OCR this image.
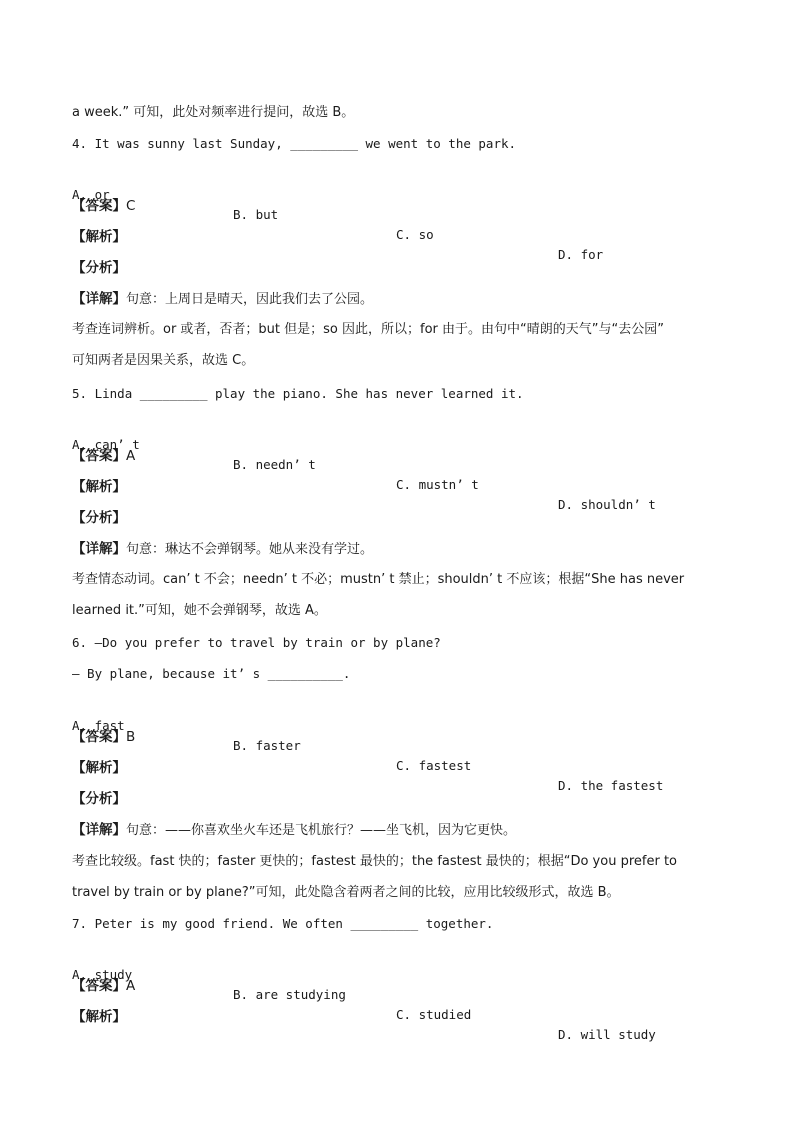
a week.” 可知，此处对频率进行提问，故选 B。
4. It was sunny last Sunday, _________ we went to the park.

A. or

B. but

C. so

D. for

【答案】C
【解析】
【分析】
【详解】句意：上周日是晴天，因此我们去了公园。
考查连词辨析。or 或者，否者；but 但是；so 因此，所以；for 由于。由句中“晴朗的天气”与“去公园”
可知两者是因果关系，故选 C。
5. Linda _________ play the piano. She has never learned it.

A. can’ t

B. needn’ t

C. mustn’ t

D. shouldn’ t

【答案】A
【解析】
【分析】
【详解】句意：琳达不会弹钢琴。她从来没有学过。
考查情态动词。can’ t 不会；needn’ t 不必；mustn’ t 禁止；shouldn’ t 不应该；根据“She has never
learned it.”可知，她不会弹钢琴，故选 A。
6. —Do you prefer to travel by train or by plane?
— By plane, because it’ s __________.

A. fast

B. faster

C. fastest

D. the fastest

【答案】B
【解析】
【分析】
【详解】句意：——你喜欢坐火车还是飞机旅行？——坐飞机，因为它更快。
考查比较级。fast 快的；faster 更快的；fastest 最快的；the fastest 最快的；根据“Do you prefer to
travel by train or by plane?”可知，此处隐含着两者之间的比较，应用比较级形式，故选 B。
7. Peter is my good friend. We often _________ together.

A. study

B. are studying

C. studied

D. will study

【答案】A
【解析】
